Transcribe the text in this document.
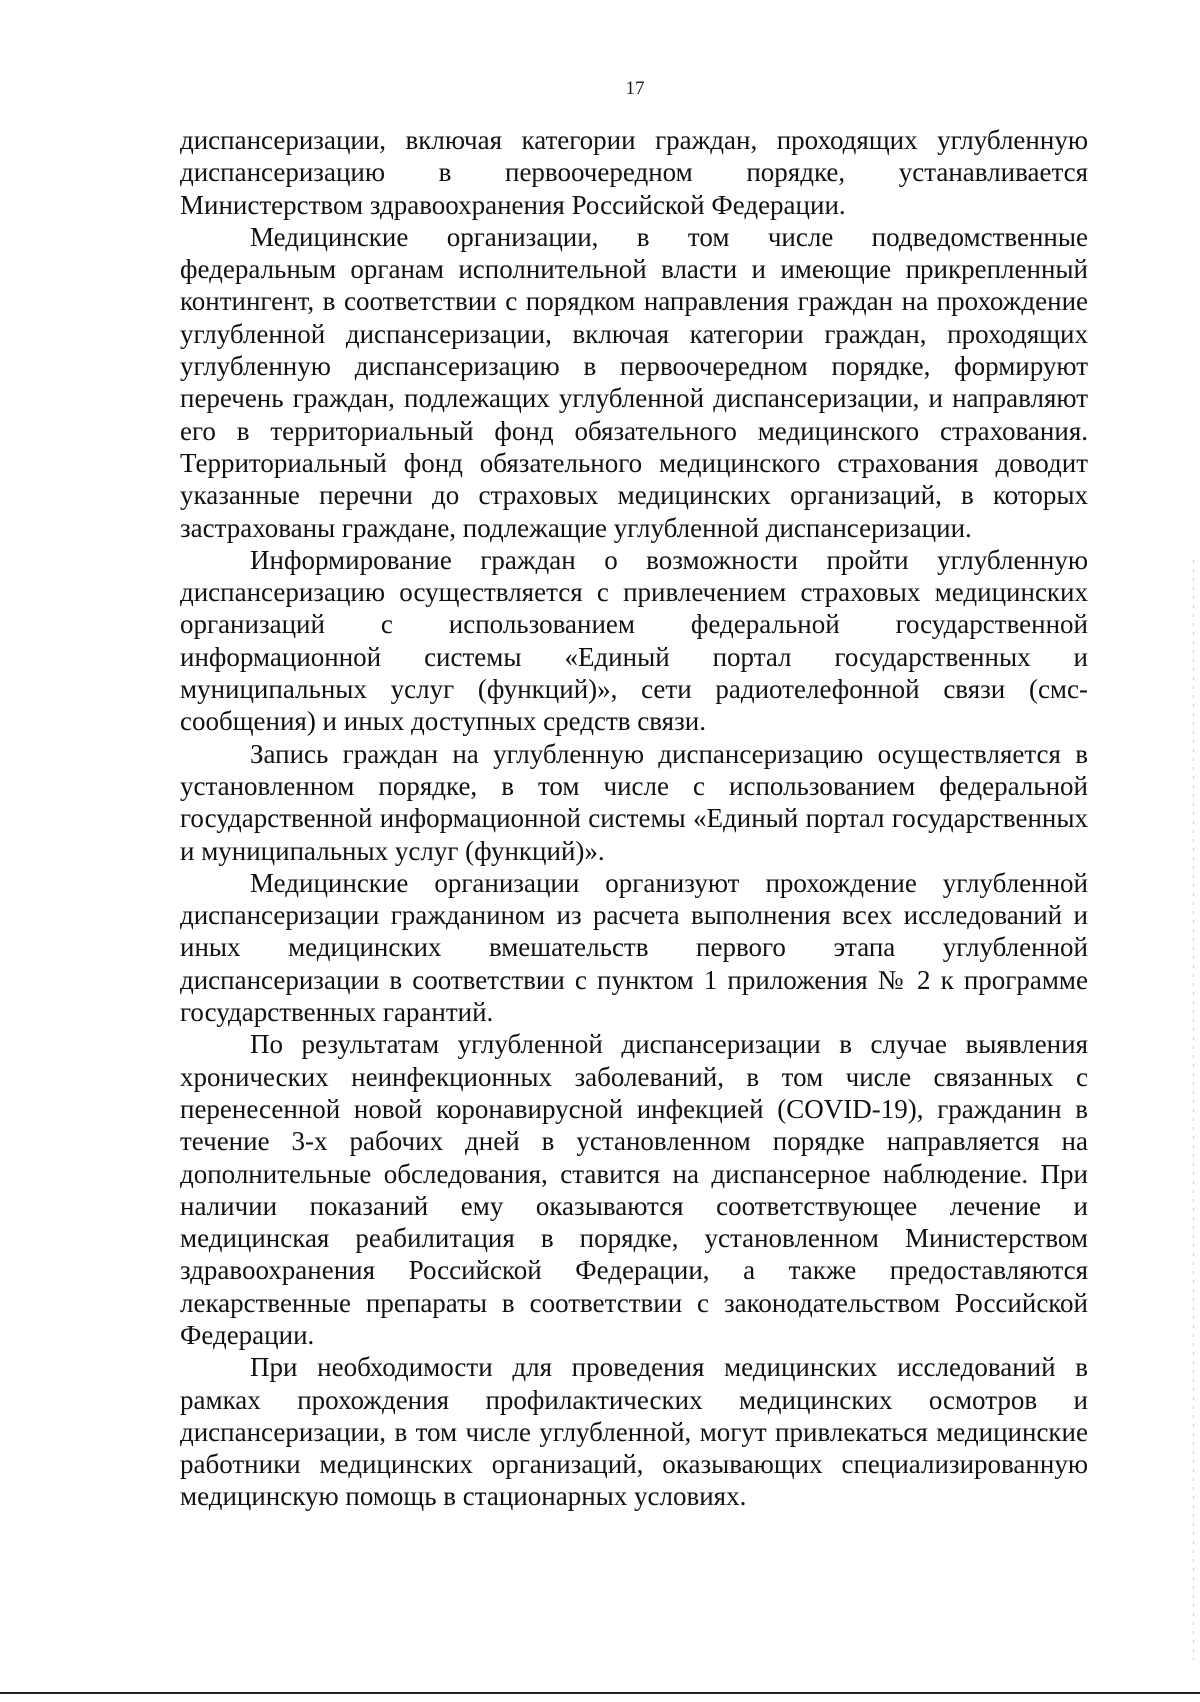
17

диспансеризации, включая категории граждан, проходящих углубленную диспансеризацию в первоочередном порядке, устанавливается Министерством здравоохранения Российской Федерации.

Медицинские организации, в том числе подведомственные федеральным органам исполнительной власти и имеющие прикрепленный контингент, в соответствии с порядком направления граждан на прохождение углубленной диспансеризации, включая категории граждан, проходящих углубленную диспансеризацию в первоочередном порядке, формируют перечень граждан, подлежащих углубленной диспансеризации, и направляют его в территориальный фонд обязательного медицинского страхования. Территориальный фонд обязательного медицинского страхования доводит указанные перечни до страховых медицинских организаций, в которых застрахованы граждане, подлежащие углубленной диспансеризации.

Информирование граждан о возможности пройти углубленную диспансеризацию осуществляется с привлечением страховых медицинских организаций с использованием федеральной государственной информационной системы «Единый портал государственных и муниципальных услуг (функций)», сети радиотелефонной связи (смс-сообщения) и иных доступных средств связи.

Запись граждан на углубленную диспансеризацию осуществляется в установленном порядке, в том числе с использованием федеральной государственной информационной системы «Единый портал государственных и муниципальных услуг (функций)».

Медицинские организации организуют прохождение углубленной диспансеризации гражданином из расчета выполнения всех исследований и иных медицинских вмешательств первого этапа углубленной диспансеризации в соответствии с пунктом 1 приложения № 2 к программе государственных гарантий.

По результатам углубленной диспансеризации в случае выявления хронических неинфекционных заболеваний, в том числе связанных с перенесенной новой коронавирусной инфекцией (COVID-19), гражданин в течение 3-х рабочих дней в установленном порядке направляется на дополнительные обследования, ставится на диспансерное наблюдение. При наличии показаний ему оказываются соответствующее лечение и медицинская реабилитация в порядке, установленном Министерством здравоохранения Российской Федерации, а также предоставляются лекарственные препараты в соответствии с законодательством Российской Федерации.

При необходимости для проведения медицинских исследований в рамках прохождения профилактических медицинских осмотров и диспансеризации, в том числе углубленной, могут привлекаться медицинские работники медицинских организаций, оказывающих специализированную медицинскую помощь в стационарных условиях.
